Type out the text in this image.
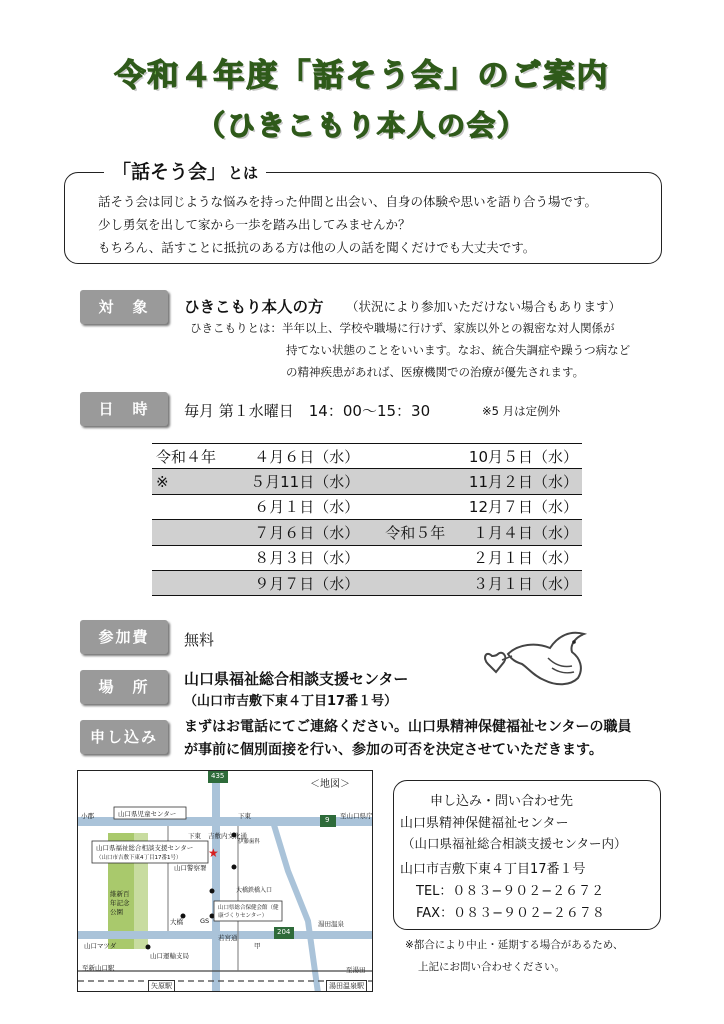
令和４年度「話そう会」のご案内
（ひきこもり本人の会）
「話そう会」 とは
話そう会は同じような悩みを持った仲間と出会い、自身の体験や思いを語り合う場です。
少し勇気を出して家から一歩を踏み出してみませんか？
もちろん、話すことに抵抗のある方は他の人の話を聞くだけでも大丈夫です。
対　象	ひきこもり本人の方 （状況により参加いただけない場合もあります）
ひきこもりとは：半年以上、学校や職場に行けず、家族以外との親密な対人関係が
持てない状態のことをいいます。なお、統合失調症や躁うつ病など
の精神疾患があれば、医療機関での治療が優先されます。
日　時	毎月 第１水曜日　14：00〜15：30	※5 月は定例外
令和４年	４月６日（水）		10月５日（水）
※	５月11日（水）		11月２日（水）
	６月１日（水）		12月７日（水）
	７月６日（水）	令和５年	１月４日（水）
	８月３日（水）		２月１日（水）
	９月７日（水）		３月１日（水）
参加費	無料
場　所	山口県福祉総合相談支援センター
（山口市吉敷下東４丁目17番１号）
申し込み
まずはお電話にてご連絡ください。山口県精神保健福祉センターの職員
が事前に個別面接を行い、参加の可否を決定させていただきます。
★
＜地図＞
435
9
204
山口県児童センター
山口県福祉総合相談支援センター
（山口市吉敷下東4丁目17番1号）
下東
下東
吉敷内文化通
伊藤歯科
山口警察署
維新百年記念公園
大橋鉄橋入口
山口県総合保健会館（健康づくりセンター）
大橋	GS	湯田温泉
小郡	至山口県庁
山口マツダ
山口運輸支局
若宮通
甲
至湯田
至新山口駅
矢原駅	湯田温泉駅
申し込み・問い合わせ先
山口県精神保健福祉センター
（山口県福祉総合相談支援センター内）
山口市吉敷下東４丁目17番１号
TEL：０８３−９０２−２６７２
FAX：０８３−９０２−２６７８
※都合により中止・延期する場合があるため、
上記にお問い合わせください。
